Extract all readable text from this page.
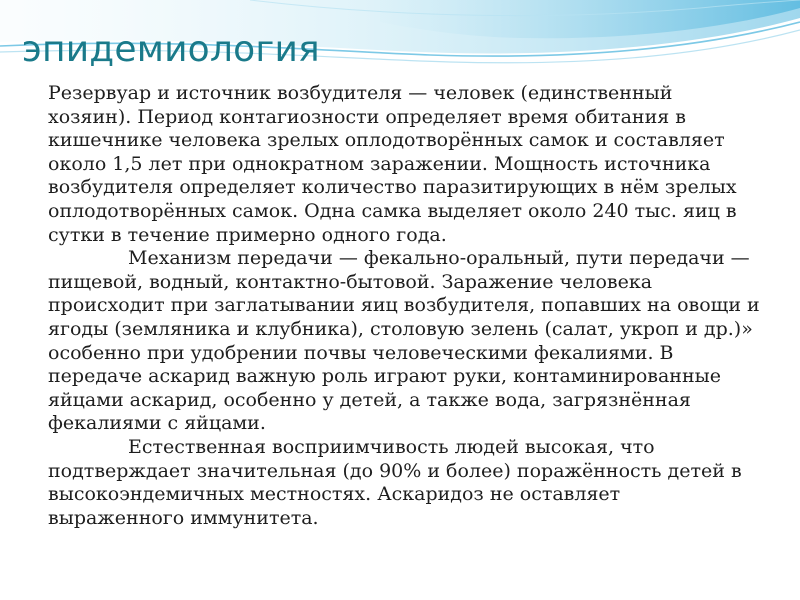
эпидемиология

Резервуар и источник возбудителя — человек (единственный хозяин). Период контагиозности определяет время обитания в кишечнике человека зрелых оплодотворённых самок и составляет около 1,5 лет при однократном заражении. Мощность источника возбудителя определяет количество паразитирующих в нём зрелых оплодотворённых самок. Одна самка выделяет около 240 тыс. яиц в сутки в течение примерно одного года.

Механизм передачи — фекально-оральный, пути передачи — пищевой, водный, контактно-бытовой. Заражение человека происходит при заглатывании яиц возбудителя, попавших на овощи и ягоды (земляника и клубника), столовую зелень (салат, укроп и др.)» особенно при удобрении почвы человеческими фекалиями. В передаче аскарид важную роль играют руки, контаминированные яйцами аскарид, особенно у детей, а также вода, загрязнённая фекалиями с яйцами.

Естественная восприимчивость людей высокая, что подтверждает значительная (до 90% и более) поражённость детей в высокоэндемичных местностях. Аскаридоз не оставляет выраженного иммунитета.
